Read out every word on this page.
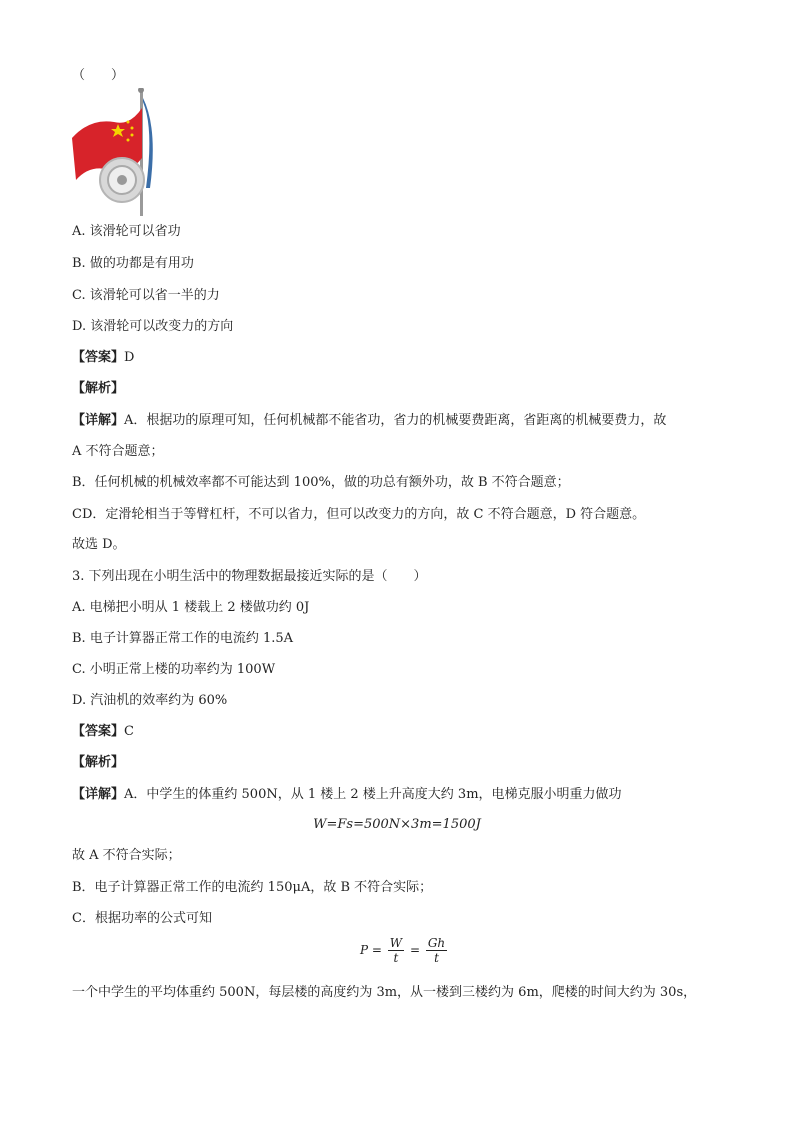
（　　）
A. 该滑轮可以省功
B. 做的功都是有用功
C. 该滑轮可以省一半的力
D. 该滑轮可以改变力的方向
【答案】D
【解析】
【详解】A．根据功的原理可知，任何机械都不能省功，省力的机械要费距离，省距离的机械要费力，故
A 不符合题意；
B．任何机械的机械效率都不可能达到 100%，做的功总有额外功，故 B 不符合题意；
CD．定滑轮相当于等臂杠杆，不可以省力，但可以改变力的方向，故 C 不符合题意，D 符合题意。
故选 D。
3. 下列出现在小明生活中的物理数据最接近实际的是（　　）
A. 电梯把小明从 1 楼载上 2 楼做功约 0J
B. 电子计算器正常工作的电流约 1.5A
C. 小明正常上楼的功率约为 100W
D. 汽油机的效率约为 60%
【答案】C
【解析】
【详解】A．中学生的体重约 500N，从 1 楼上 2 楼上升高度大约 3m，电梯克服小明重力做功
W=Fs=500N×3m=1500J
故 A 不符合实际；
B．电子计算器正常工作的电流约 150μA，故 B 不符合实际；
C．根据功率的公式可知
$P = \frac{W}{t} = \frac{Gh}{t}$
一个中学生的平均体重约 500N，每层楼的高度约为 3m，从一楼到三楼约为 6m，爬楼的时间大约为 30s，
